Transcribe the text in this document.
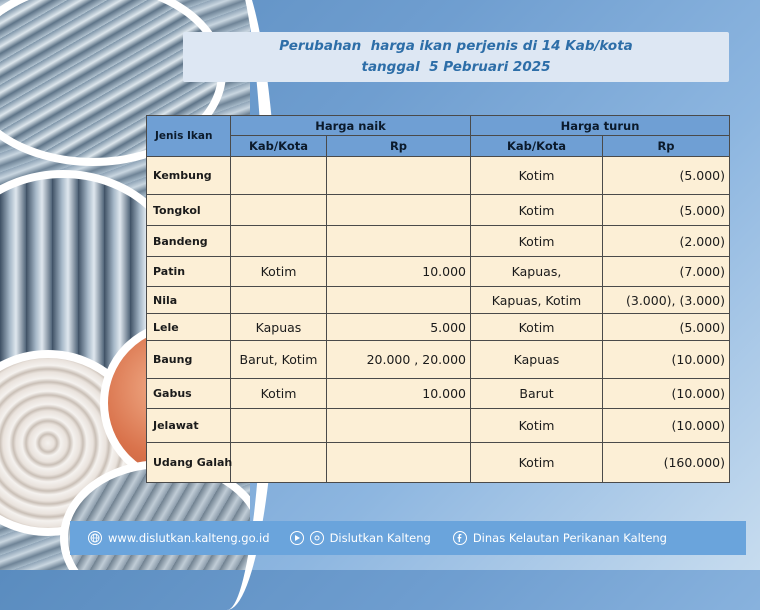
Perubahan  harga ikan perjenis di 14 Kab/kota
tanggal  5 Pebruari 2025
Jenis Ikan	Harga naik		Harga turun	
	Kab/Kota	Rp	Kab/Kota	Rp
Kembung			Kotim	(5.000)
Tongkol			Kotim	(5.000)
Bandeng			Kotim	(2.000)
Patin	Kotim	10.000	Kapuas,	(7.000)
Nila			Kapuas, Kotim	(3.000), (3.000)
Lele	Kapuas	5.000	Kotim	(5.000)
Baung	Barut, Kotim	20.000 , 20.000	Kapuas	(10.000)
Gabus	Kotim	10.000	Barut	(10.000)
Jelawat			Kotim	(10.000)
Udang Galah			Kotim	(160.000)
www.dislutkan.kalteng.go.id	Dislutkan Kalteng	Dinas Kelautan Perikanan Kalteng
